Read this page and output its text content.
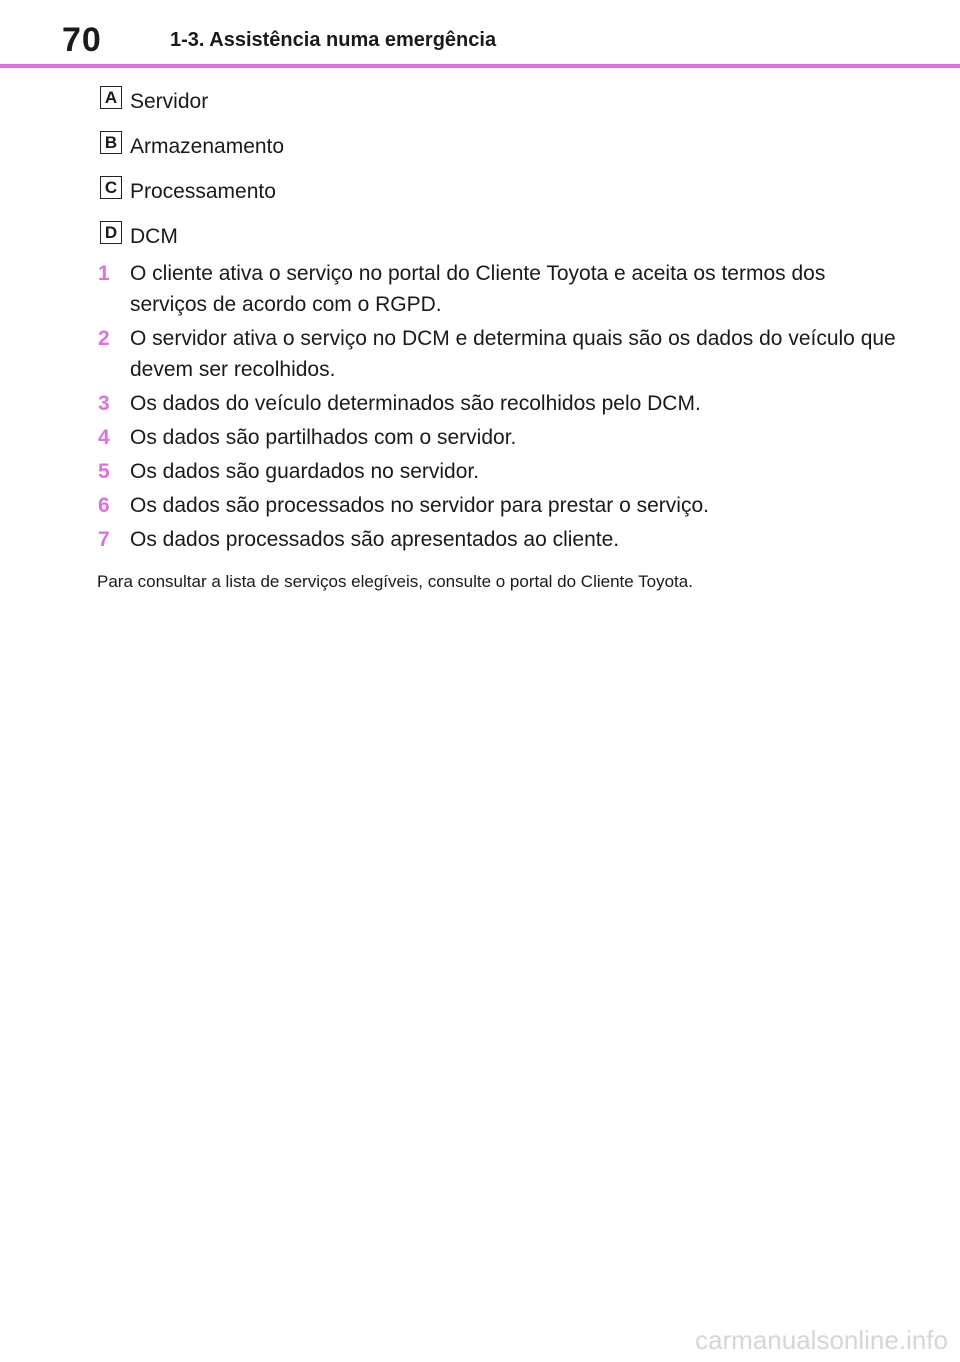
70	1-3. Assistência numa emergência
A Servidor
B Armazenamento
C Processamento
D DCM
1 O cliente ativa o serviço no portal do Cliente Toyota e aceita os termos dos serviços de acordo com o RGPD.
2 O servidor ativa o serviço no DCM e determina quais são os dados do veículo que devem ser recolhidos.
3 Os dados do veículo determinados são recolhidos pelo DCM.
4 Os dados são partilhados com o servidor.
5 Os dados são guardados no servidor.
6 Os dados são processados no servidor para prestar o serviço.
7 Os dados processados são apresentados ao cliente.
Para consultar a lista de serviços elegíveis, consulte o portal do Cliente Toyota.
carmanualsonline.info
